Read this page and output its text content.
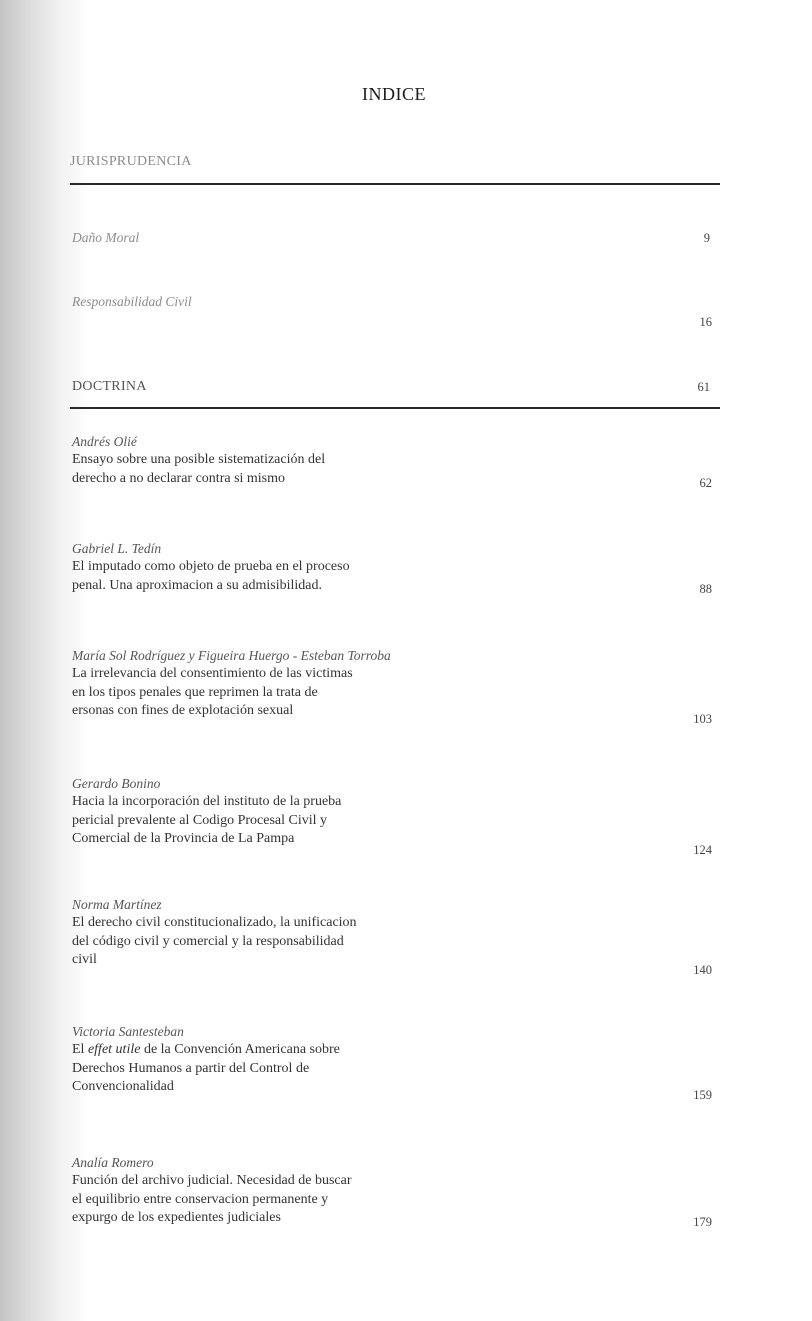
INDICE
JURISPRUDENCIA
Daño Moral	9
Responsabilidad Civil
16
DOCTRINA	61
Andrés Olié
Ensayo sobre una posible sistematización del
derecho a no declarar contra si mismo	62
Gabriel L. Tedín
El imputado como objeto de prueba en el proceso
penal. Una aproximacion a su admisibilidad.	88
María Sol Rodríguez y Figueira Huergo - Esteban Torroba
La irrelevancia del consentimiento de las victimas
en los tipos penales que reprimen la trata de
ersonas con fines de explotación sexual
103
Gerardo Bonino
Hacia la incorporación del instituto de la prueba
pericial prevalente al Codigo Procesal Civil y
Comercial de la Provincia de La Pampa
124
Norma Martínez
El derecho civil constitucionalizado, la unificacion
del código civil y comercial y la responsabilidad
civil
140
Victoria Santesteban
El effet utile de la Convención Americana sobre
Derechos Humanos a partir del Control de
Convencionalidad
159
Analía Romero
Función del archivo judicial. Necesidad de buscar
el equilibrio entre conservacion permanente y
expurgo de los expedientes judiciales	179
